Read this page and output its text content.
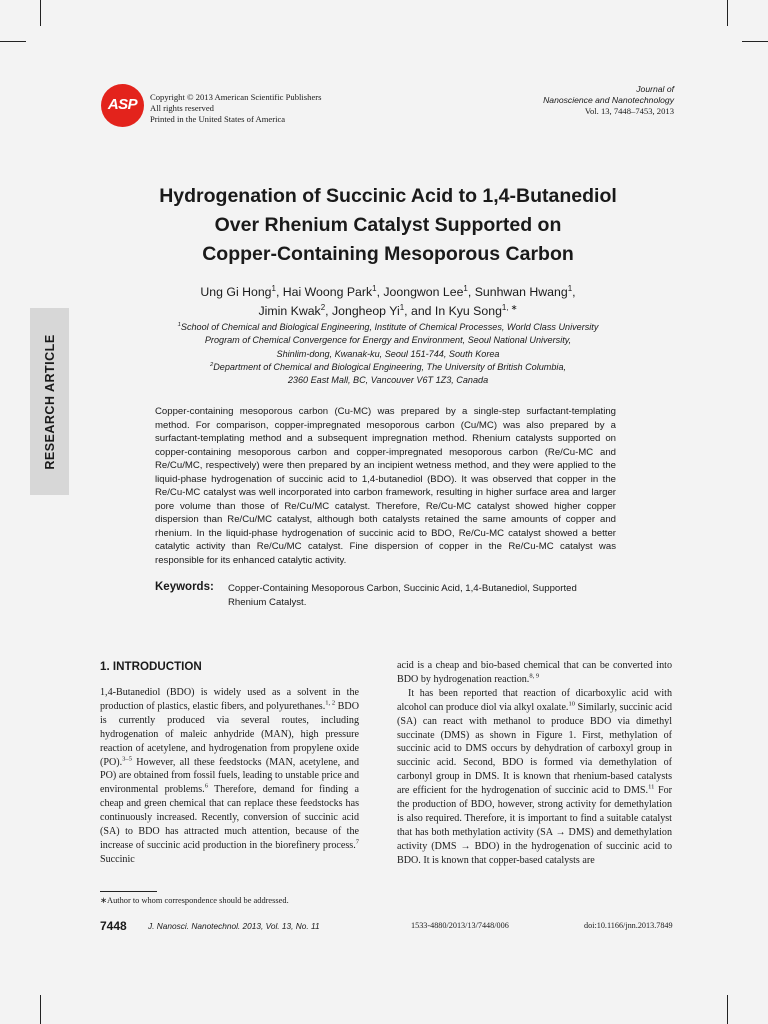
ASP	Copyright © 2013 American Scientific Publishers
All rights reserved
Printed in the United States of America
Journal of
Nanoscience and Nanotechnology
Vol. 13, 7448–7453, 2013
RESEARCH ARTICLE
Hydrogenation of Succinic Acid to 1,4-Butanediol
Over Rhenium Catalyst Supported on
Copper-Containing Mesoporous Carbon
Ung Gi Hong$^1$, Hai Woong Park$^1$, Joongwon Lee$^1$, Sunhwan Hwang$^1$,
Jimin Kwak$^2$, Jongheop Yi$^1$, and In Kyu Song$^{1, ∗}$
$^1$School of Chemical and Biological Engineering, Institute of Chemical Processes, World Class University
Program of Chemical Convergence for Energy and Environment, Seoul National University,
Shinlim-dong, Kwanak-ku, Seoul 151-744, South Korea
$^2$Department of Chemical and Biological Engineering, The University of British Columbia,
2360 East Mall, BC, Vancouver V6T 1Z3, Canada
Copper-containing mesoporous carbon (Cu-MC) was prepared by a single-step surfactant-templating method. For comparison, copper-impregnated mesoporous carbon (Cu/MC) was also prepared by a surfactant-templating method and a subsequent impregnation method. Rhenium catalysts supported on copper-containing mesoporous carbon and copper-impregnated mesoporous carbon (Re/Cu-MC and Re/Cu/MC, respectively) were then prepared by an incipient wetness method, and they were applied to the liquid-phase hydrogenation of succinic acid to 1,4-butanediol (BDO). It was observed that copper in the Re/Cu-MC catalyst was well incorporated into carbon framework, resulting in higher surface area and larger pore volume than those of Re/Cu/MC catalyst. Therefore, Re/Cu-MC catalyst showed higher copper dispersion than Re/Cu/MC catalyst, although both catalysts retained the same amounts of copper and rhenium. In the liquid-phase hydrogenation of succinic acid to BDO, Re/Cu-MC catalyst showed a better catalytic activity than Re/Cu/MC catalyst. Fine dispersion of copper in the Re/Cu-MC catalyst was responsible for its enhanced catalytic activity.
Keywords: Copper-Containing Mesoporous Carbon, Succinic Acid, 1,4-Butanediol, Supported Rhenium Catalyst.
1. INTRODUCTION

1,4-Butanediol (BDO) is widely used as a solvent in the production of plastics, elastic fibers, and polyurethanes.$^{1, 2}$ BDO is currently produced via several routes, including hydrogenation of maleic anhydride (MAN), high pressure reaction of acetylene, and hydrogenation from propylene oxide (PO).$^{3-5}$ However, all these feedstocks (MAN, acetylene, and PO) are obtained from fossil fuels, leading to unstable price and environmental problems.$^6$ Therefore, demand for finding a cheap and green chemical that can replace these feedstocks has continuously increased. Recently, conversion of succinic acid (SA) to BDO has attracted much attention, because of the increase of succinic acid production in the biorefinery process.$^7$ Succinic

acid is a cheap and bio-based chemical that can be converted into BDO by hydrogenation reaction.$^{8, 9}$

It has been reported that reaction of dicarboxylic acid with alcohol can produce diol via alkyl oxalate.$^{10}$ Similarly, succinic acid (SA) can react with methanol to produce BDO via dimethyl succinate (DMS) as shown in Figure 1. First, methylation of succinic acid to DMS occurs by dehydration of carboxyl group in succinic acid. Second, BDO is formed via demethylation of carbonyl group in DMS. It is known that rhenium-based catalysts are efficient for the hydrogenation of succinic acid to DMS.$^{11}$ For the production of BDO, however, strong activity for demethylation is also required. Therefore, it is important to find a suitable catalyst that has both methylation activity (SA → DMS) and demethylation activity (DMS → BDO) in the hydrogenation of succinic acid to BDO. It is known that copper-based catalysts are

∗Author to whom correspondence should be addressed.
7448	J. Nanosci. Nanotechnol. 2013, Vol. 13, No. 11	1533-4880/2013/13/7448/006	doi:10.1166/jnn.2013.7849
